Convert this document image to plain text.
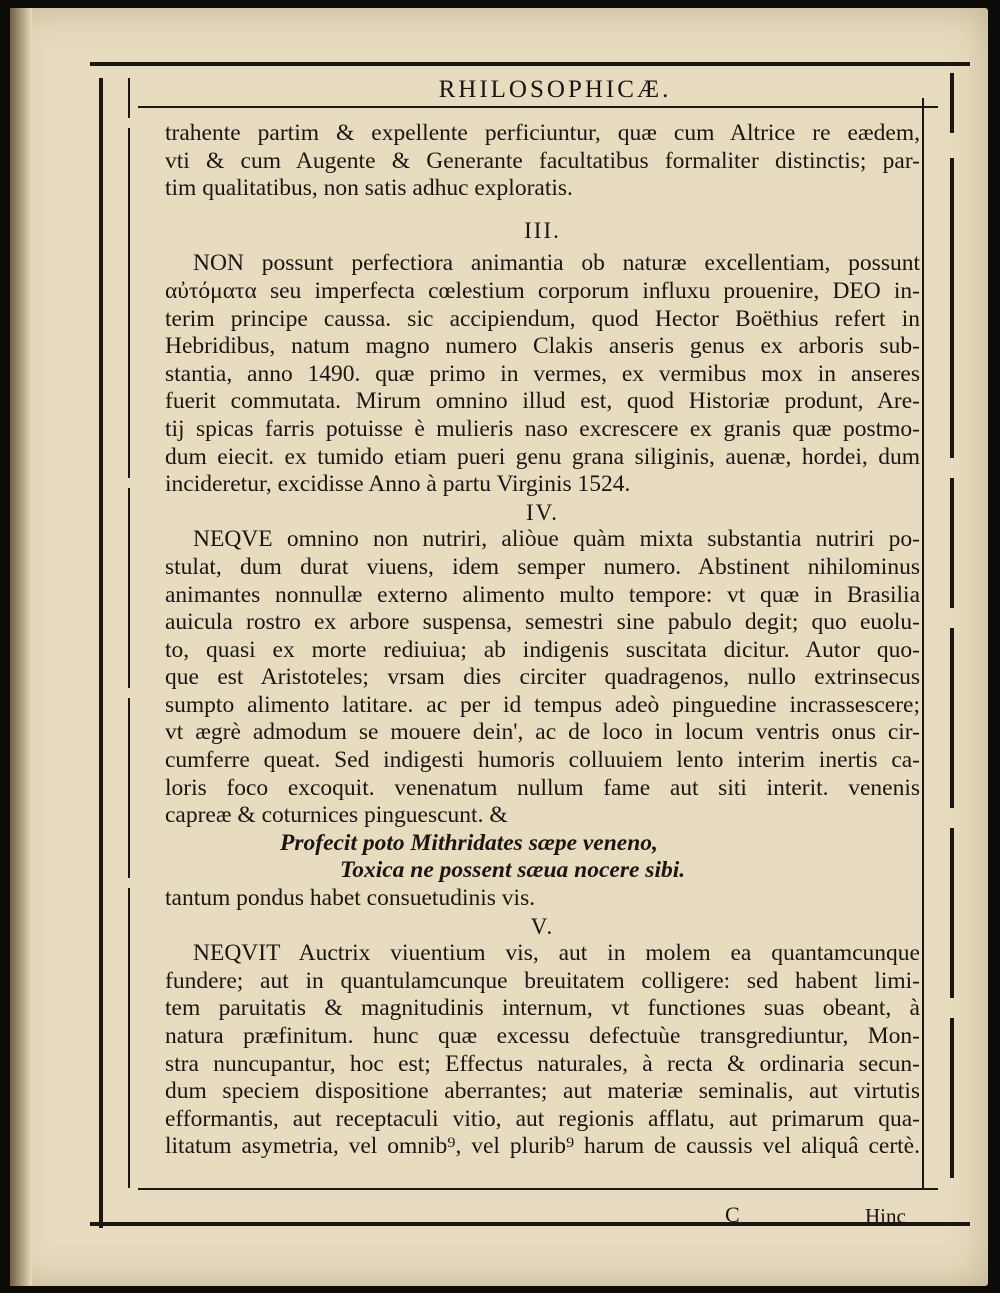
RHILOSOPHICÆ.
trahente partim & expellente perficiuntur, quæ cum Altrice re eædem,
vti & cum Augente & Generante facultatibus formaliter distinctis; par-
tim qualitatibus, non satis adhuc exploratis.
III.
NON possunt perfectiora animantia ob naturæ excellentiam, possunt
αὐτόματα seu imperfecta cœlestium corporum influxu prouenire, DEO in-
terim principe caussa. sic accipiendum, quod Hector Boëthius refert in
Hebridibus, natum magno numero Clakis anseris genus ex arboris sub-
stantia, anno 1490. quæ primo in vermes, ex vermibus mox in anseres
fuerit commutata. Mirum omnino illud est, quod Historiæ produnt, Are-
tij spicas farris potuisse è mulieris naso excrescere ex granis quæ postmo-
dum eiecit. ex tumido etiam pueri genu grana siliginis, auenæ, hordei, dum
incideretur, excidisse Anno à partu Virginis 1524.
IV.
NEQVE omnino non nutriri, aliòue quàm mixta substantia nutriri po-
stulat, dum durat viuens, idem semper numero. Abstinent nihilominus
animantes nonnullæ externo alimento multo tempore: vt quæ in Brasilia
auicula rostro ex arbore suspensa, semestri sine pabulo degit; quo euolu-
to, quasi ex morte rediuiua; ab indigenis suscitata dicitur. Autor quo-
que est Aristoteles; vrsam dies circiter quadragenos, nullo extrinsecus
sumpto alimento latitare. ac per id tempus adeò pinguedine incrassescere;
vt ægrè admodum se mouere dein', ac de loco in locum ventris onus cir-
cumferre queat. Sed indigesti humoris colluuiem lento interim inertis ca-
loris foco excoquit. venenatum nullum fame aut siti interit. venenis
capreæ & coturnices pinguescunt. &
Profecit poto Mithridates sæpe veneno,
Toxica ne possent sæua nocere sibi.
tantum pondus habet consuetudinis vis.
V.
NEQVIT Auctrix viuentium vis, aut in molem ea quantamcunque
fundere; aut in quantulamcunque breuitatem colligere: sed habent limi-
tem paruitatis & magnitudinis internum, vt functiones suas obeant, à
natura præfinitum. hunc quæ excessu defectuùe transgrediuntur, Mon-
stra nuncupantur, hoc est; Effectus naturales, à recta & ordinaria secun-
dum speciem dispositione aberrantes; aut materiæ seminalis, aut virtutis
efformantis, aut receptaculi vitio, aut regionis afflatu, aut primarum qua-
litatum asymetria, vel omnib⁹, vel plurib⁹ harum de caussis vel aliquâ certè.
C	Hinc
